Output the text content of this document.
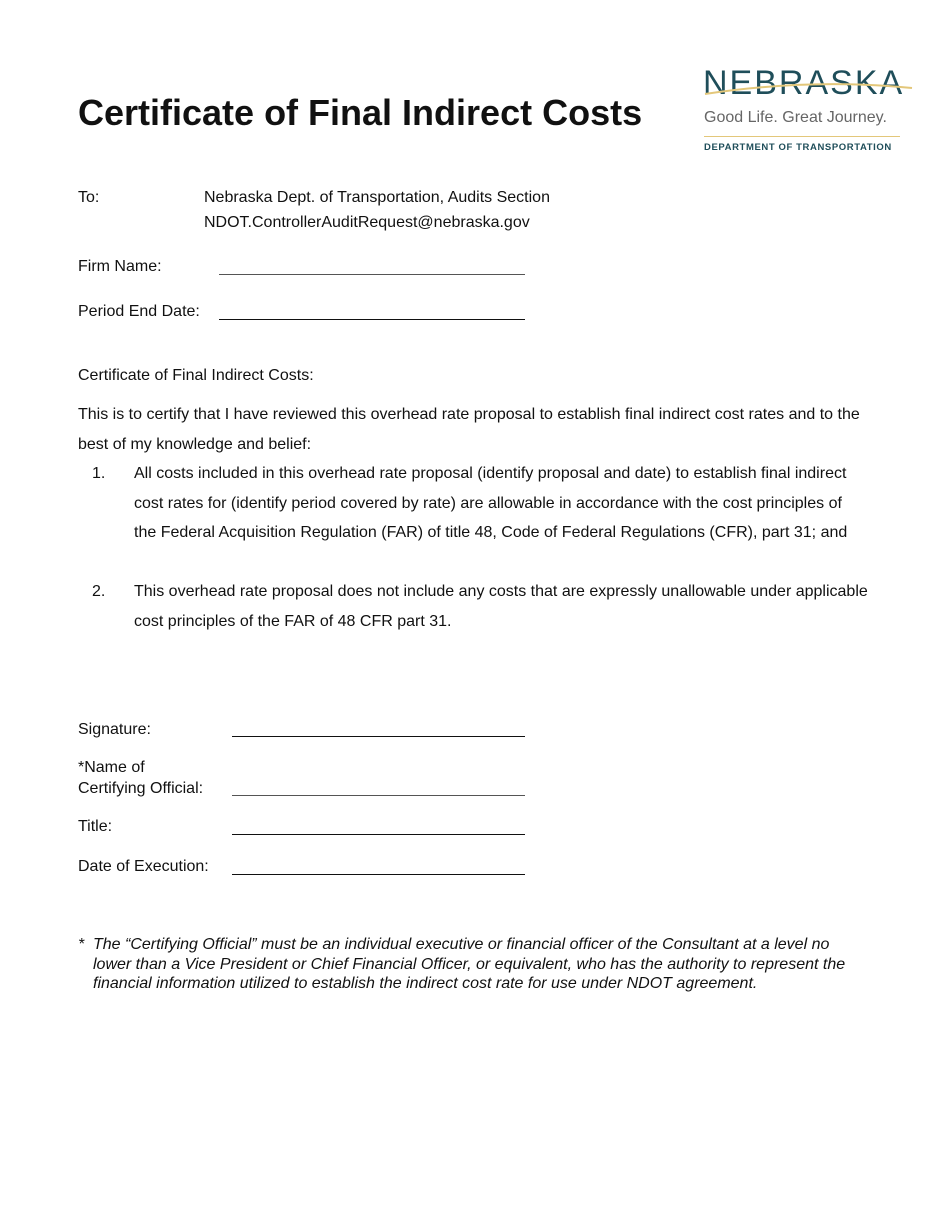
Certificate of Final Indirect Costs
NEBRASKA
Good Life. Great Journey.
DEPARTMENT OF TRANSPORTATION
To:	Nebraska Dept. of Transportation, Audits Section
NDOT.ControllerAuditRequest@nebraska.gov
Firm Name:
Period End Date:
Certificate of Final Indirect Costs:
This is to certify that I have reviewed this overhead rate proposal to establish final indirect cost rates and to the best of my knowledge and belief:
1. All costs included in this overhead rate proposal (identify proposal and date) to establish final indirect cost rates for (identify period covered by rate) are allowable in accordance with the cost principles of the Federal Acquisition Regulation (FAR) of title 48, Code of Federal Regulations (CFR), part 31; and
2. This overhead rate proposal does not include any costs that are expressly unallowable under applicable cost principles of the FAR of 48 CFR part 31.
Signature:
*Name of
Certifying Official:
Title:
Date of Execution:
* The “Certifying Official” must be an individual executive or financial officer of the Consultant at a level no lower than a Vice President or Chief Financial Officer, or equivalent, who has the authority to represent the financial information utilized to establish the indirect cost rate for use under NDOT agreement.
